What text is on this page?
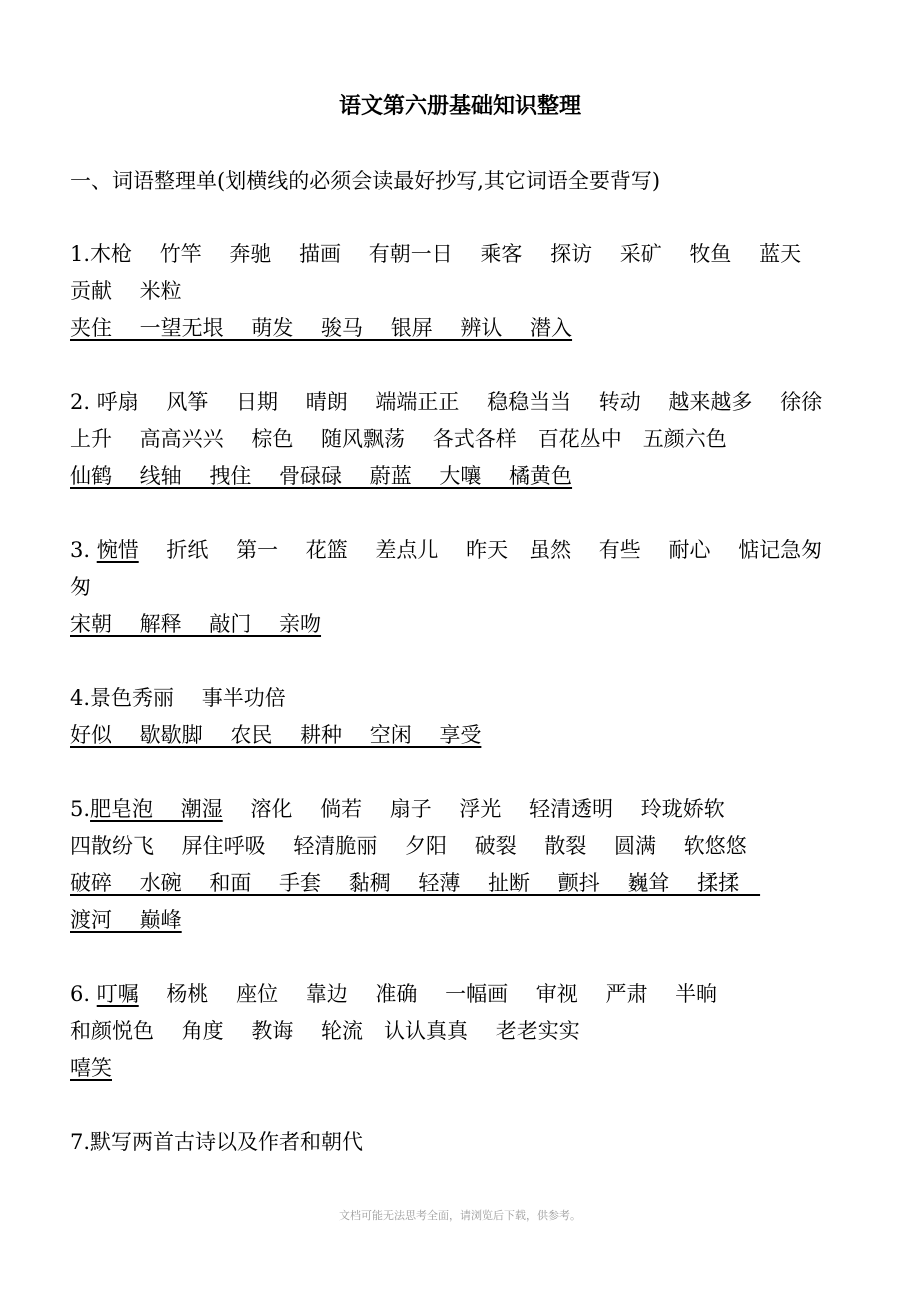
语文第六册基础知识整理
一、词语整理单(划横线的必须会读最好抄写,其它词语全要背写)
1.木枪　 竹竿　 奔驰　 描画　 有朝一日　 乘客　 探访　 采矿　 牧鱼　 蓝天
贡献　 米粒
夹住　 一望无垠　 萌发　 骏马　 银屏　 辨认　 潜入
2. 呼扇　 风筝　 日期　 晴朗　 端端正正　 稳稳当当　 转动　 越来越多　 徐徐
上升　 高高兴兴　 棕色　 随风飘荡　 各式各样　百花丛中　五颜六色
仙鹤　 线轴　 拽住　 骨碌碌　 蔚蓝　 大嚷　 橘黄色
3. 惋惜　 折纸　 第一　 花篮　 差点儿　 昨天　虽然　 有些　 耐心　 惦记急匆
匆
宋朝　 解释　 敲门　 亲吻
4.景色秀丽　 事半功倍
好似　 歇歇脚　 农民　 耕种　 空闲　 享受
5.肥皂泡　 潮湿　 溶化　 倘若　 扇子　 浮光　 轻清透明　 玲珑娇软
四散纷飞　 屏住呼吸　 轻清脆丽　 夕阳　 破裂　 散裂　 圆满　 软悠悠
破碎　 水碗　 和面　 手套　 黏稠　 轻薄　 扯断　 颤抖　 巍耸　 揉揉　
渡河　 巅峰
6. 叮嘱　 杨桃　 座位　 靠边　 准确　 一幅画　 审视　 严肃　 半晌
和颜悦色　 角度　 教诲　 轮流　认认真真　 老老实实
嘻笑
7.默写两首古诗以及作者和朝代
文档可能无法思考全面，请浏览后下载，供参考。
